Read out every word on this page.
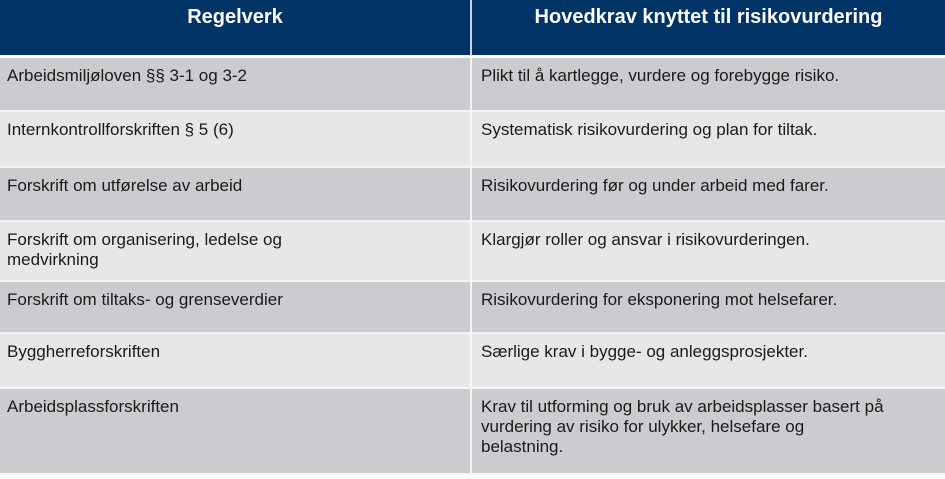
Regelverk	Hovedkrav knyttet til risikovurdering
Arbeidsmiljøloven §§ 3-1 og 3-2	Plikt til å kartlegge, vurdere og forebygge risiko.
Internkontrollforskriften § 5 (6)	Systematisk risikovurdering og plan for tiltak.
Forskrift om utførelse av arbeid	Risikovurdering før og under arbeid med farer.
Forskrift om organisering, ledelse og medvirkning	Klargjør roller og ansvar i risikovurderingen.
Forskrift om tiltaks- og grenseverdier	Risikovurdering for eksponering mot helsefarer.
Byggherreforskriften	Særlige krav i bygge- og anleggsprosjekter.
Arbeidsplassforskriften	Krav til utforming og bruk av arbeidsplasser basert på vurdering av risiko for ulykker, helsefare og belastning.
